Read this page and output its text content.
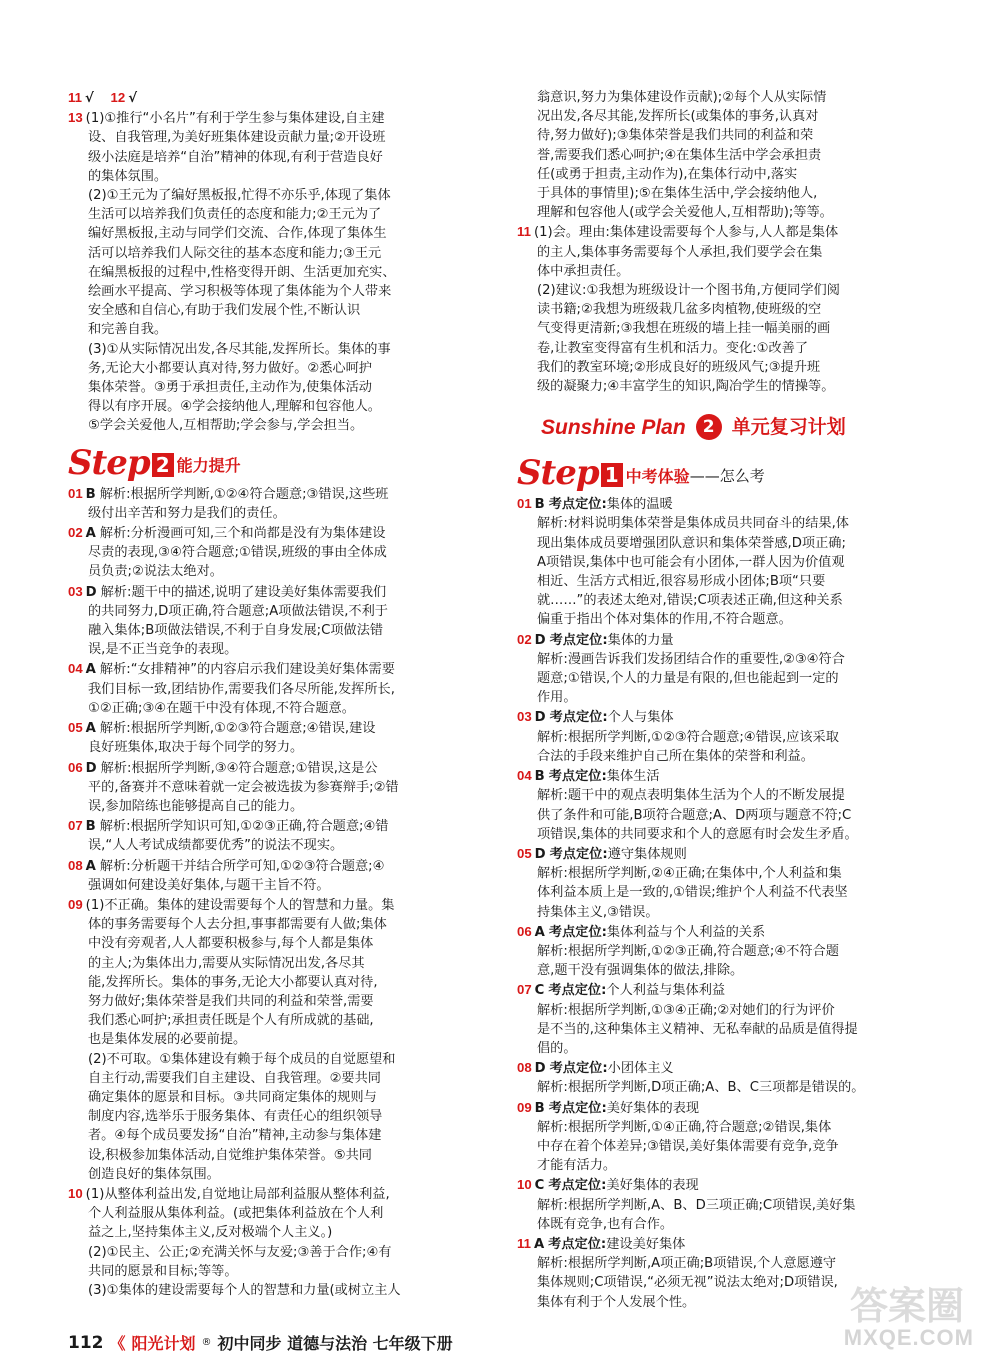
11 √ 12 √
13 (1)①推行“小名片”有利于学生参与集体建设,自主建
设、自我管理,为美好班集体建设贡献力量;②开设班
级小法庭是培养“自治”精神的体现,有利于营造良好
的集体氛围。
(2)①王元为了编好黑板报,忙得不亦乐乎,体现了集体
生活可以培养我们负责任的态度和能力;②王元为了
编好黑板报,主动与同学们交流、合作,体现了集体生
活可以培养我们人际交往的基本态度和能力;③王元
在编黑板报的过程中,性格变得开朗、生活更加充实、
绘画水平提高、学习积极等体现了集体能为个人带来
安全感和自信心,有助于我们发展个性,不断认识
和完善自我。
(3)①从实际情况出发,各尽其能,发挥所长。集体的事
务,无论大小都要认真对待,努力做好。②悉心呵护
集体荣誉。③勇于承担责任,主动作为,使集体活动
得以有序开展。④学会接纳他人,理解和包容他人。
⑤学会关爱他人,互相帮助;学会参与,学会担当。
Step 2 能力提升
01 B 解析:根据所学判断,①②④符合题意;③错误,这些班
级付出辛苦和努力是我们的责任。
02 A 解析:分析漫画可知,三个和尚都是没有为集体建设
尽责的表现,③④符合题意;①错误,班级的事由全体成
员负责;②说法太绝对。
03 D 解析:题干中的描述,说明了建设美好集体需要我们
的共同努力,D项正确,符合题意;A项做法错误,不利于
融入集体;B项做法错误,不利于自身发展;C项做法错
误,是不正当竞争的表现。
04 A 解析:“女排精神”的内容启示我们建设美好集体需要
我们目标一致,团结协作,需要我们各尽所能,发挥所长,
①②正确;③④在题干中没有体现,不符合题意。
05 A 解析:根据所学判断,①②③符合题意;④错误,建设
良好班集体,取决于每个同学的努力。
06 D 解析:根据所学判断,③④符合题意;①错误,这是公
平的,备赛并不意味着就一定会被选拔为参赛辩手;②错
误,参加陪练也能够提高自己的能力。
07 B 解析:根据所学知识可知,①②③正确,符合题意;④错
误,“人人考试成绩都要优秀”的说法不现实。
08 A 解析:分析题干并结合所学可知,①②③符合题意;④
强调如何建设美好集体,与题干主旨不符。
09 (1)不正确。集体的建设需要每个人的智慧和力量。集
体的事务需要每个人去分担,事事都需要有人做;集体
中没有旁观者,人人都要积极参与,每个人都是集体
的主人;为集体出力,需要从实际情况出发,各尽其
能,发挥所长。集体的事务,无论大小都要认真对待,
努力做好;集体荣誉是我们共同的利益和荣誉,需要
我们悉心呵护;承担责任既是个人有所成就的基础,
也是集体发展的必要前提。
(2)不可取。①集体建设有赖于每个成员的自觉愿望和
自主行动,需要我们自主建设、自我管理。②要共同
确定集体的愿景和目标。③共同商定集体的规则与
制度内容,选举乐于服务集体、有责任心的组织领导
者。④每个成员要发扬“自治”精神,主动参与集体建
设,积极参加集体活动,自觉维护集体荣誉。⑤共同
创造良好的集体氛围。
10 (1)从整体利益出发,自觉地让局部利益服从整体利益,
个人利益服从集体利益。(或把集体利益放在个人利
益之上,坚持集体主义,反对极端个人主义。)
(2)①民主、公正;②充满关怀与友爱;③善于合作;④有
共同的愿景和目标;等等。
(3)①集体的建设需要每个人的智慧和力量(或树立主人
翁意识,努力为集体建设作贡献);②每个人从实际情
况出发,各尽其能,发挥所长(或集体的事务,认真对
待,努力做好);③集体荣誉是我们共同的利益和荣
誉,需要我们悉心呵护;④在集体生活中学会承担责
任(或勇于担责,主动作为),在集体行动中,落实
于具体的事情里);⑤在集体生活中,学会接纳他人,
理解和包容他人(或学会关爱他人,互相帮助);等等。
11 (1)会。理由:集体建设需要每个人参与,人人都是集体
的主人,集体事务需要每个人承担,我们要学会在集
体中承担责任。
(2)建议:①我想为班级设计一个图书角,方便同学们阅
读书籍;②我想为班级栽几盆多肉植物,使班级的空
气变得更清新;③我想在班级的墙上挂一幅美丽的画
卷,让教室变得富有生机和活力。变化:①改善了
我们的教室环境;②形成良好的班级风气;③提升班
级的凝聚力;④丰富学生的知识,陶冶学生的情操等。
Sunshine Plan	2 单元复习计划
Step 1 中考体验 ——怎么考
01 B 考点定位:集体的温暖
解析:材料说明集体荣誉是集体成员共同奋斗的结果,体
现出集体成员要增强团队意识和集体荣誉感,D项正确;
A项错误,集体中也可能会有小团体,一群人因为价值观
相近、生活方式相近,很容易形成小团体;B项“只要
就……”的表述太绝对,错误;C项表述正确,但这种关系
偏重于指出个体对集体的作用,不符合题意。
02 D 考点定位:集体的力量
解析:漫画告诉我们发扬团结合作的重要性,②③④符合
题意;①错误,个人的力量是有限的,但也能起到一定的
作用。
03 D 考点定位:个人与集体
解析:根据所学判断,①②③符合题意;④错误,应该采取
合法的手段来维护自己所在集体的荣誉和利益。
04 B 考点定位:集体生活
解析:题干中的观点表明集体生活为个人的不断发展提
供了条件和可能,B项符合题意;A、D两项与题意不符;C
项错误,集体的共同要求和个人的意愿有时会发生矛盾。
05 D 考点定位:遵守集体规则
解析:根据所学判断,②④正确;在集体中,个人利益和集
体利益本质上是一致的,①错误;维护个人利益不代表坚
持集体主义,③错误。
06 A 考点定位:集体利益与个人利益的关系
解析:根据所学判断,①②③正确,符合题意;④不符合题
意,题干没有强调集体的做法,排除。
07 C 考点定位:个人利益与集体利益
解析:根据所学判断,①③④正确;②对她们的行为评价
是不当的,这种集体主义精神、无私奉献的品质是值得提
倡的。
08 D 考点定位:小团体主义
解析:根据所学判断,D项正确;A、B、C三项都是错误的。
09 B 考点定位:美好集体的表现
解析:根据所学判断,①④正确,符合题意;②错误,集体
中存在着个体差异;③错误,美好集体需要有竞争,竞争
才能有活力。
10 C 考点定位:美好集体的表现
解析:根据所学判断,A、B、D三项正确;C项错误,美好集
体既有竞争,也有合作。
11 A 考点定位:建设美好集体
解析:根据所学判断,A项正确;B项错误,个人意愿遵守
集体规则;C项错误,“必须无视”说法太绝对;D项错误,
集体有利于个人发展个性。
112 《 阳光计划 ® 初中同步 道德与法治 七年级下册
答案圈
MXQE.COM
